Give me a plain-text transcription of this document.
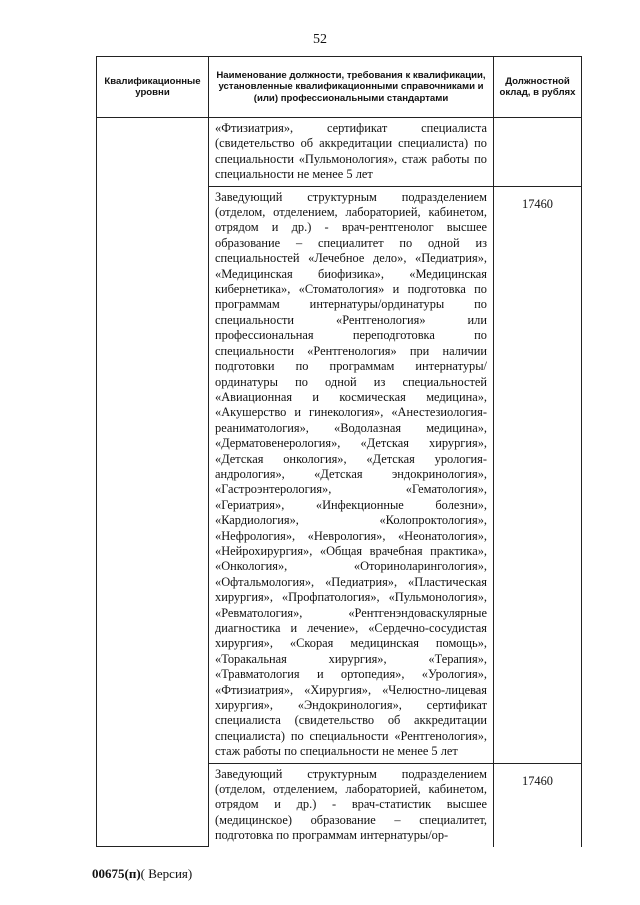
52
Квалификационные уровни	Наименование должности, требования к квалификации, установленные квалификационными справочниками и (или) профессиональными стандартами	Должностной оклад, в рублях

	«Фтизиатрия», сертификат специалиста (свидетельство об аккредитации специалиста) по специальности «Пульмонология», стаж работы по специальности не менее 5 лет	

	Заведующий структурным подразделением (отделом, отделением, лабораторией, кабинетом, отрядом и др.) - врач-рентгенолог высшее образование – специалитет по одной из специальностей «Лечебное дело», «Педиатрия», «Медицинская биофизика», «Медицинская кибернетика», «Стоматология» и подготовка по программам интернатуры/ординатуры по специальности «Рентгенология» или профессиональная переподготовка по специальности «Рентгенология» при наличии подготовки по программам интернатуры/ординатуры по одной из специальностей «Авиационная и космическая медицина», «Акушерство и гинекология», «Анестезиология-реаниматология», «Водолазная медицина», «Дерматовенерология», «Детская хирургия», «Детская онкология», «Детская урология-андрология», «Детская эндокринология», «Гастроэнтерология», «Гематология», «Гериатрия», «Инфекционные болезни», «Кардиология», «Колопроктология», «Нефрология», «Неврология», «Неонатология», «Нейрохирургия», «Общая врачебная практика», «Онкология», «Оториноларингология», «Офтальмология», «Педиатрия», «Пластическая хирургия», «Профпатология», «Пульмонология», «Ревматология», «Рентгенэндоваскулярные диагностика и лечение», «Сердечно-сосудистая хирургия», «Скорая медицинская помощь», «Торакальная хирургия», «Терапия», «Травматология и ортопедия», «Урология», «Фтизиатрия», «Хирургия», «Челюстно-лицевая хирургия», «Эндокринология», сертификат специалиста (свидетельство об аккредитации специалиста) по специальности «Рентгенология», стаж работы по специальности не менее 5 лет	17460

	Заведующий структурным подразделением (отделом, отделением, лабораторией, кабинетом, отрядом и др.) - врач-статистик высшее (медицинское) образование – специалитет, подготовка по программам интернатуры/ор-	17460
00675(п)( Версия)
